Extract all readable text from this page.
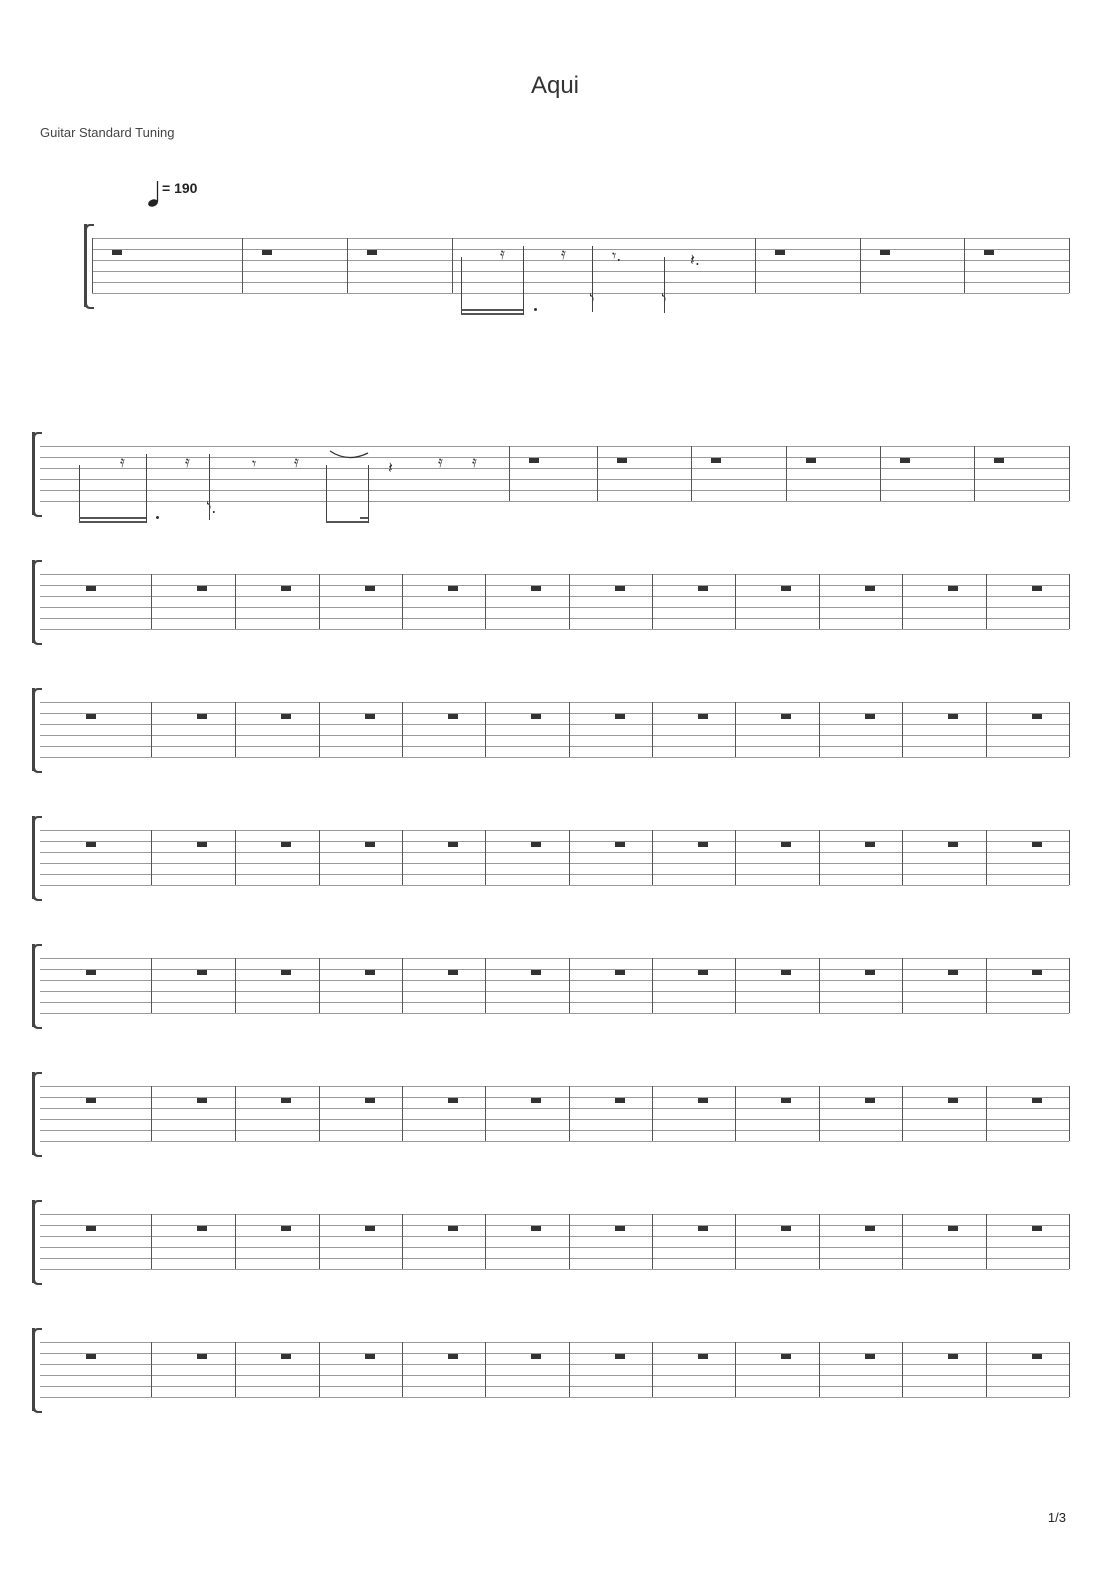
Aqui
Guitar Standard Tuning
= 190
𝄿	𝄿
𝅮
𝄾.
𝅮
𝄽.
𝄿	𝄿
𝅮.
𝄾 𝄿	𝄽	𝄿 𝄿
1/3
